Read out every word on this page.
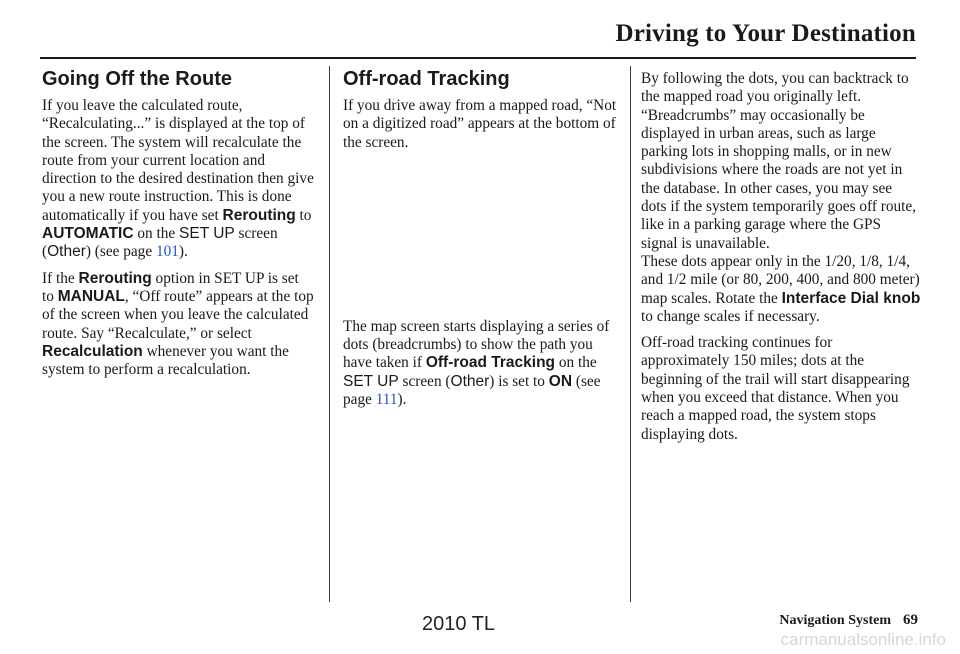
Driving to Your Destination
Going Off the Route

If you leave the calculated route, “Recalculating...” is displayed at the top of the screen. The system will recalculate the route from your current location and direction to the desired destination then give you a new route instruction. This is done automatically if you have set Rerouting to AUTOMATIC on the SET UP screen (Other) (see page 101).

If the Rerouting option in SET UP is set to MANUAL, “Off route” appears at the top of the screen when you leave the calculated route. Say “Recalculate,” or select Recalculation whenever you want the system to perform a recalculation.

Off-road Tracking

If you drive away from a mapped road, “Not on a digitized road” appears at the bottom of the screen.

The map screen starts displaying a series of dots (breadcrumbs) to show the path you have taken if Off-road Tracking on the SET UP screen (Other) is set to ON (see page 111).

By following the dots, you can backtrack to the mapped road you originally left. “Breadcrumbs” may occasionally be displayed in urban areas, such as large parking lots in shopping malls, or in new subdivisions where the roads are not yet in the database. In other cases, you may see dots if the system temporarily goes off route, like in a parking garage where the GPS signal is unavailable.

These dots appear only in the 1/20, 1/8, 1/4, and 1/2 mile (or 80, 200, 400, and 800 meter) map scales. Rotate the Interface Dial knob to change scales if necessary.

Off-road tracking continues for approximately 150 miles; dots at the beginning of the trail will start disappearing when you exceed that distance. When you reach a mapped road, the system stops displaying dots.

Navigation System 69
2010 TL
carmanualsonline.info
